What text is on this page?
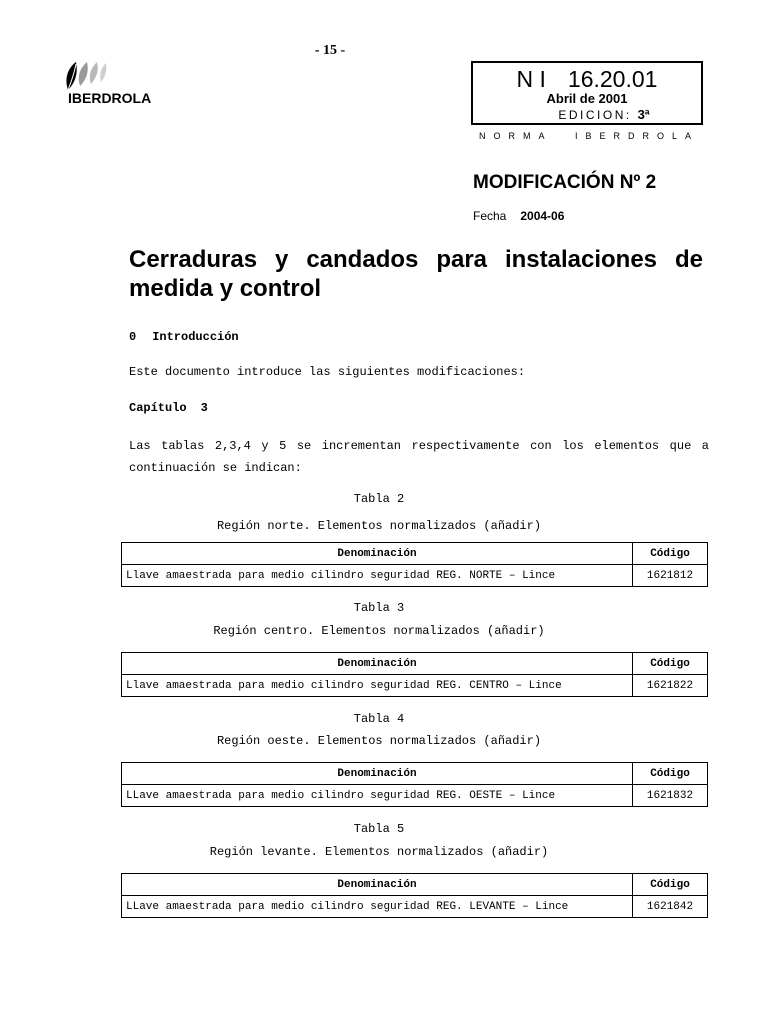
- 15 -
IBERDROLA
N I 16.20.01
Abril de 2001
EDICION: 3ª
NORMA IBERDROLA
MODIFICACIÓN Nº 2
Fecha 2004-06
Cerraduras y candados para instalaciones de medida y control
0 Introducción
Este documento introduce las siguientes modificaciones:
Capítulo 3
Las tablas 2,3,4 y 5 se incrementan respectivamente con los elementos que a continuación se indican:
Tabla 2
Región norte. Elementos normalizados (añadir)
Denominación	Código
Llave amaestrada para medio cilindro seguridad REG. NORTE – Lince	1621812
Tabla 3
Región centro. Elementos normalizados (añadir)
Denominación	Código
Llave amaestrada para medio cilindro seguridad REG. CENTRO – Lince	1621822
Tabla 4
Región oeste. Elementos normalizados (añadir)
Denominación	Código
LLave amaestrada para medio cilindro seguridad REG. OESTE – Lince	1621832
Tabla 5
Región levante. Elementos normalizados (añadir)
Denominación	Código
LLave amaestrada para medio cilindro seguridad REG. LEVANTE – Lince	1621842
